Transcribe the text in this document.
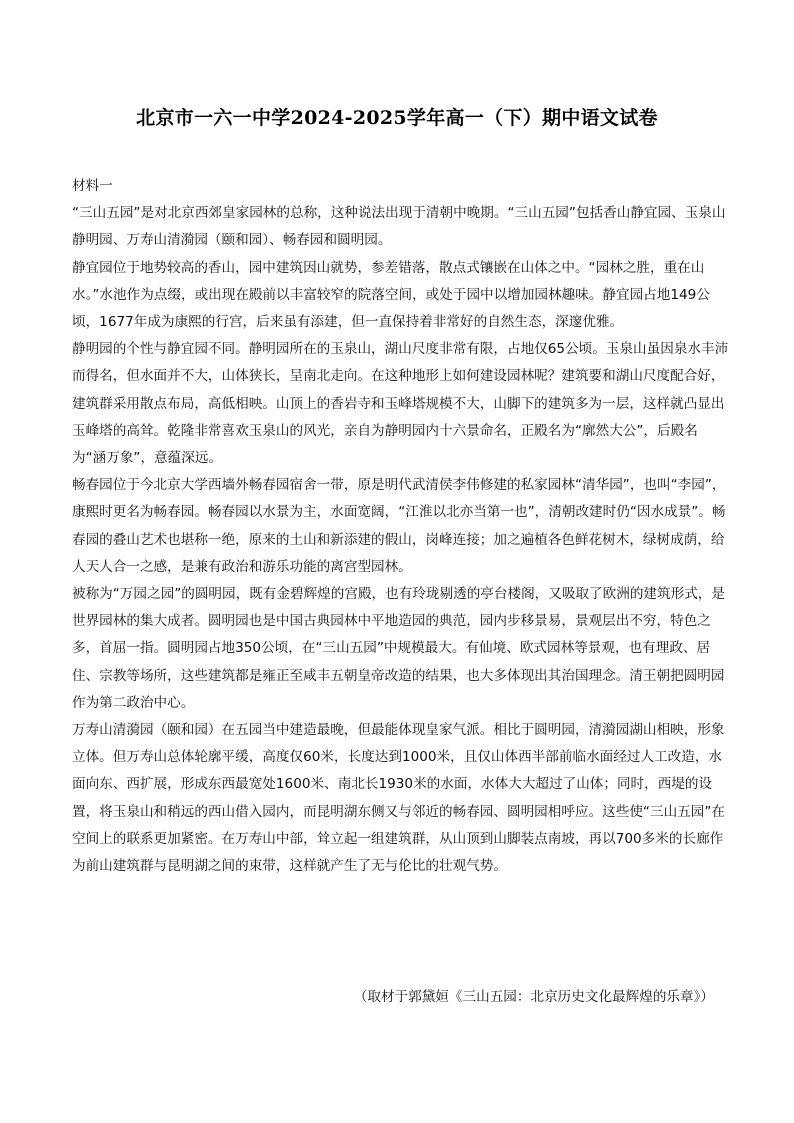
北京市一六一中学2024-2025学年高一（下）期中语文试卷
材料一

“三山五园”是对北京西郊皇家园林的总称，这种说法出现于清朝中晚期。“三山五园”包括香山静宜园、玉泉山静明园、万寿山清漪园（颐和园）、畅春园和圆明园。

静宜园位于地势较高的香山，园中建筑因山就势，参差错落，散点式镶嵌在山体之中。“园林之胜，重在山水。”水池作为点缀，或出现在殿前以丰富较窄的院落空间，或处于园中以增加园林趣味。静宜园占地149公顷，1677年成为康熙的行宫，后来虽有添建，但一直保持着非常好的自然生态，深邃优雅。

静明园的个性与静宜园不同。静明园所在的玉泉山，湖山尺度非常有限，占地仅65公顷。玉泉山虽因泉水丰沛而得名，但水面并不大，山体狭长，呈南北走向。在这种地形上如何建设园林呢？建筑要和湖山尺度配合好，建筑群采用散点布局，高低相映。山顶上的香岩寺和玉峰塔规模不大，山脚下的建筑多为一层，这样就凸显出玉峰塔的高耸。乾隆非常喜欢玉泉山的风光，亲自为静明园内十六景命名，正殿名为“廓然大公”，后殿名为“涵万象”，意蕴深远。

畅春园位于今北京大学西墙外畅春园宿舍一带，原是明代武清侯李伟修建的私家园林“清华园”，也叫“李园”，康熙时更名为畅春园。畅春园以水景为主，水面宽阔，“江淮以北亦当第一也”，清朝改建时仍“因水成景”。畅春园的叠山艺术也堪称一绝，原来的土山和新添建的假山，岗峰连接；加之遍植各色鲜花树木，绿树成荫，给人天人合一之感，是兼有政治和游乐功能的离宫型园林。

被称为“万园之园”的圆明园，既有金碧辉煌的宫殿，也有玲珑剔透的亭台楼阁，又吸取了欧洲的建筑形式，是世界园林的集大成者。圆明园也是中国古典园林中平地造园的典范，园内步移景易，景观层出不穷，特色之多，首屈一指。圆明园占地350公顷，在“三山五园”中规模最大。有仙境、欧式园林等景观，也有理政、居住、宗教等场所，这些建筑都是雍正至咸丰五朝皇帝改造的结果，也大多体现出其治国理念。清王朝把圆明园作为第二政治中心。

万寿山清漪园（颐和园）在五园当中建造最晚，但最能体现皇家气派。相比于圆明园，清漪园湖山相映，形象立体。但万寿山总体轮廓平缓，高度仅60米，长度达到1000米，且仅山体西半部前临水面经过人工改造，水面向东、西扩展，形成东西最宽处1600米、南北长1930米的水面，水体大大超过了山体；同时，西堤的设置，将玉泉山和稍远的西山借入园内，而昆明湖东侧又与邻近的畅春园、圆明园相呼应。这些使“三山五园”在空间上的联系更加紧密。在万寿山中部，耸立起一组建筑群，从山顶到山脚装点南坡，再以700多米的长廊作为前山建筑群与昆明湖之间的束带，这样就产生了无与伦比的壮观气势。

（取材于郭黛姮《三山五园：北京历史文化最辉煌的乐章》）
